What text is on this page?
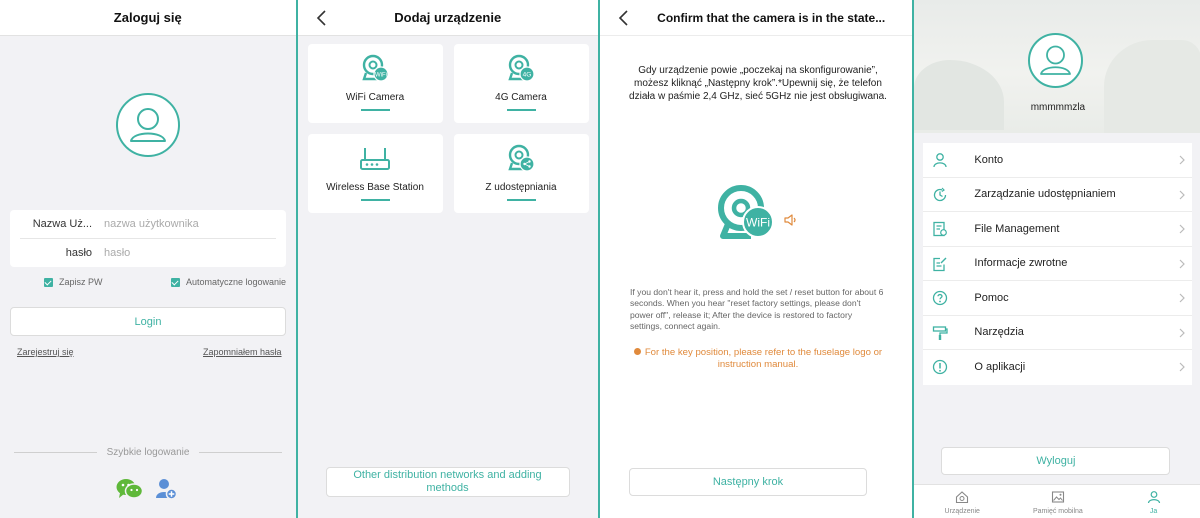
Zaloguj się
Nazwa Uż...
nazwa użytkownika
hasło
Zapisz PW	Automatyczne logowanie
Login
Zarejestruj się	Zapomniałem hasła
Szybkie logowanie
Dodaj urządzenie
WiFi
WiFi Camera
4G
4G Camera
Wireless Base Station	Z udostępniania
Other distribution networks and adding methods
Confirm that the camera is in the state...
Gdy urządzenie powie „poczekaj na skonfigurowanie”, możesz kliknąć „Następny krok”.*Upewnij się, że telefon działa w paśmie 2,4 GHz, sieć 5GHz nie jest obsługiwana.
WiFi
If you don't hear it, press and hold the set / reset button for about 6 seconds. When you hear "reset factory settings, please don't power off", release it; After the device is restored to factory settings, connect again.
For the key position, please refer to the fuselage logo or instruction manual.
Następny krok
mmmmmzla
Konto
Zarządzanie udostępnianiem
File Management
Informacje zwrotne
Pomoc
Narzędzia
O aplikacji
Wyloguj
Urządzenie	Pamięć mobilna	Ja
